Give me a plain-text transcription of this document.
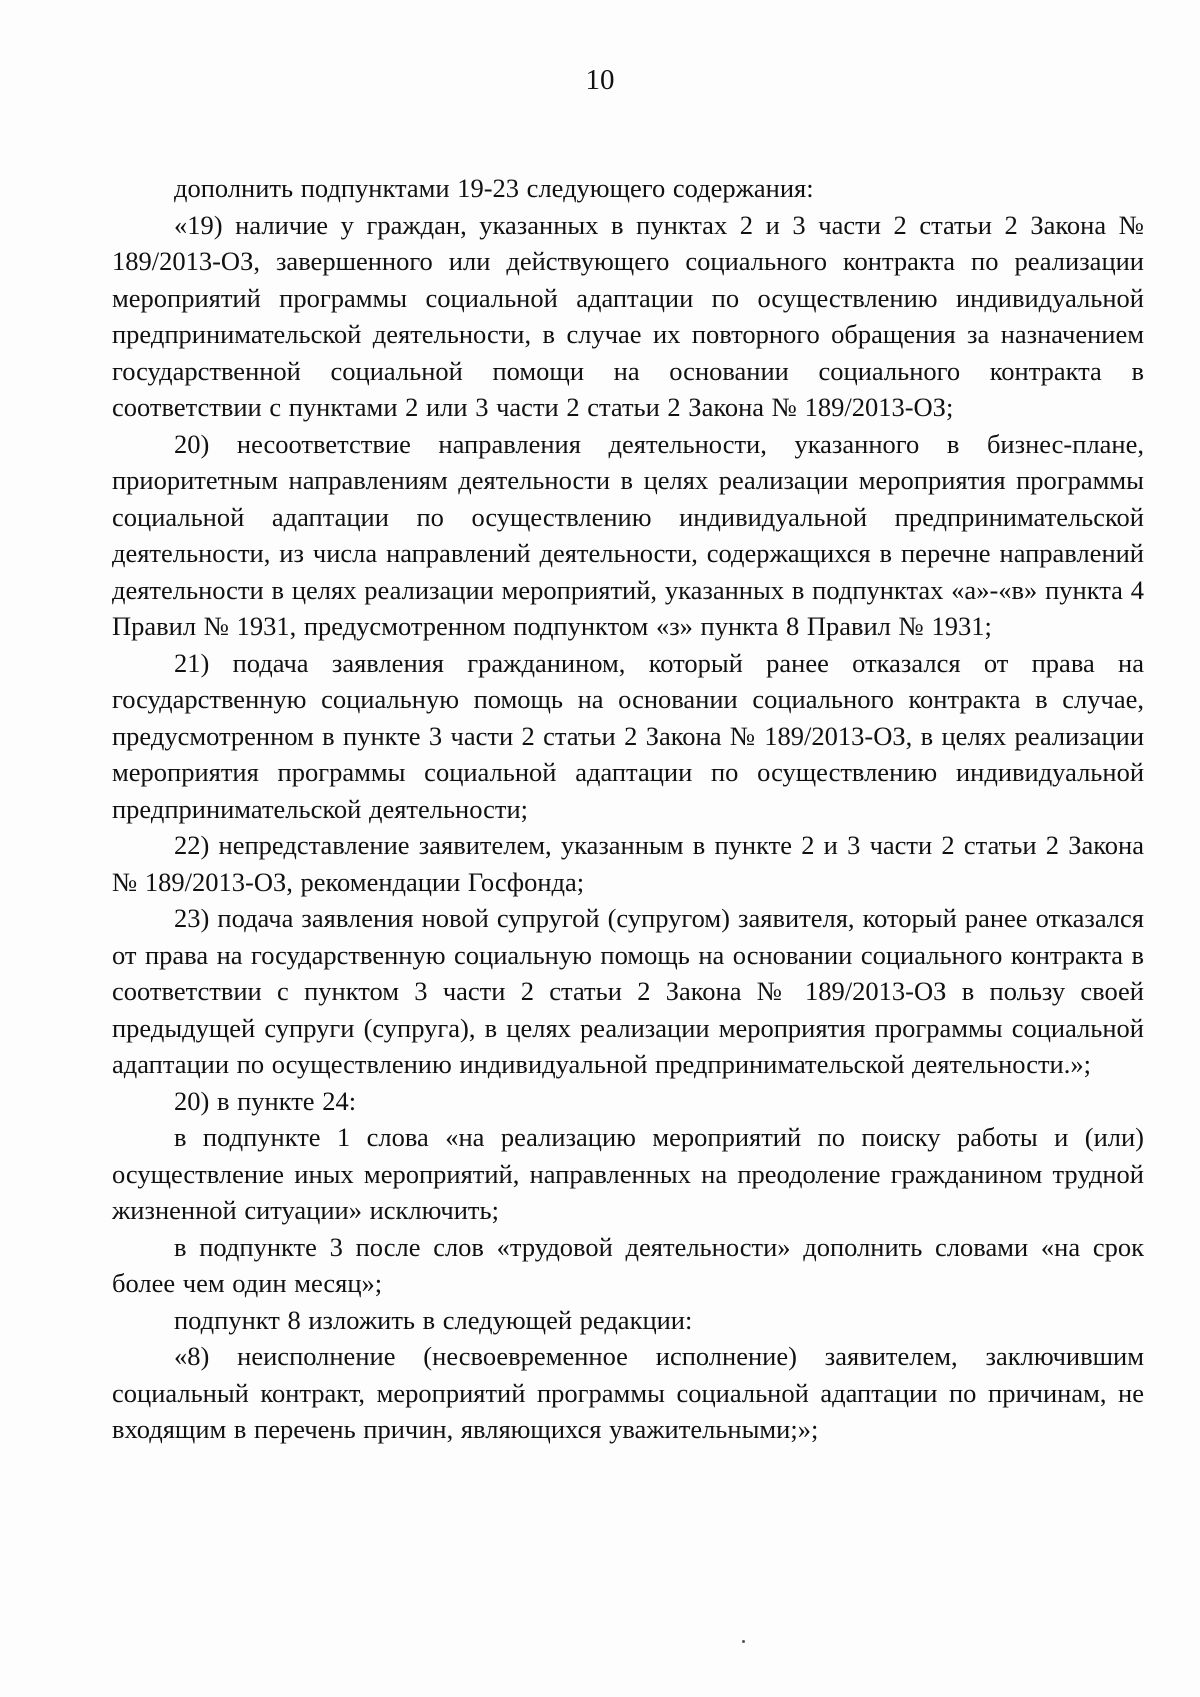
10

дополнить подпунктами 19-23 следующего содержания:

«19) наличие у граждан, указанных в пунктах 2 и 3 части 2 статьи 2 Закона № 189/2013-ОЗ, завершенного или действующего социального контракта по реализации мероприятий программы социальной адаптации по осуществлению индивидуальной предпринимательской деятельности, в случае их повторного обращения за назначением государственной социальной помощи на основании социального контракта в соответствии с пунктами 2 или 3 части 2 статьи 2 Закона № 189/2013-ОЗ;

20) несоответствие направления деятельности, указанного в бизнес-плане, приоритетным направлениям деятельности в целях реализации мероприятия программы социальной адаптации по осуществлению индивидуальной предпринимательской деятельности, из числа направлений деятельности, содержащихся в перечне направлений деятельности в целях реализации мероприятий, указанных в подпунктах «а»-«в» пункта 4 Правил № 1931, предусмотренном подпунктом «з» пункта 8 Правил № 1931;

21) подача заявления гражданином, который ранее отказался от права на государственную социальную помощь на основании социального контракта в случае, предусмотренном в пункте 3 части 2 статьи 2 Закона № 189/2013-ОЗ, в целях реализации мероприятия программы социальной адаптации по осуществлению индивидуальной предпринимательской деятельности;

22) непредставление заявителем, указанным в пункте 2 и 3 части 2 статьи 2 Закона № 189/2013-ОЗ, рекомендации Госфонда;

23) подача заявления новой супругой (супругом) заявителя, который ранее отказался от права на государственную социальную помощь на основании социального контракта в соответствии с пунктом 3 части 2 статьи 2 Закона № 189/2013-ОЗ в пользу своей предыдущей супруги (супруга), в целях реализации мероприятия программы социальной адаптации по осуществлению индивидуальной предпринимательской деятельности.»;

20) в пункте 24:

в подпункте 1 слова «на реализацию мероприятий по поиску работы и (или) осуществление иных мероприятий, направленных на преодоление гражданином трудной жизненной ситуации» исключить;

в подпункте 3 после слов «трудовой деятельности» дополнить словами «на срок более чем один месяц»;

подпункт 8 изложить в следующей редакции:

«8) неисполнение (несвоевременное исполнение) заявителем, заключившим социальный контракт, мероприятий программы социальной адаптации по причинам, не входящим в перечень причин, являющихся уважительными;»;
